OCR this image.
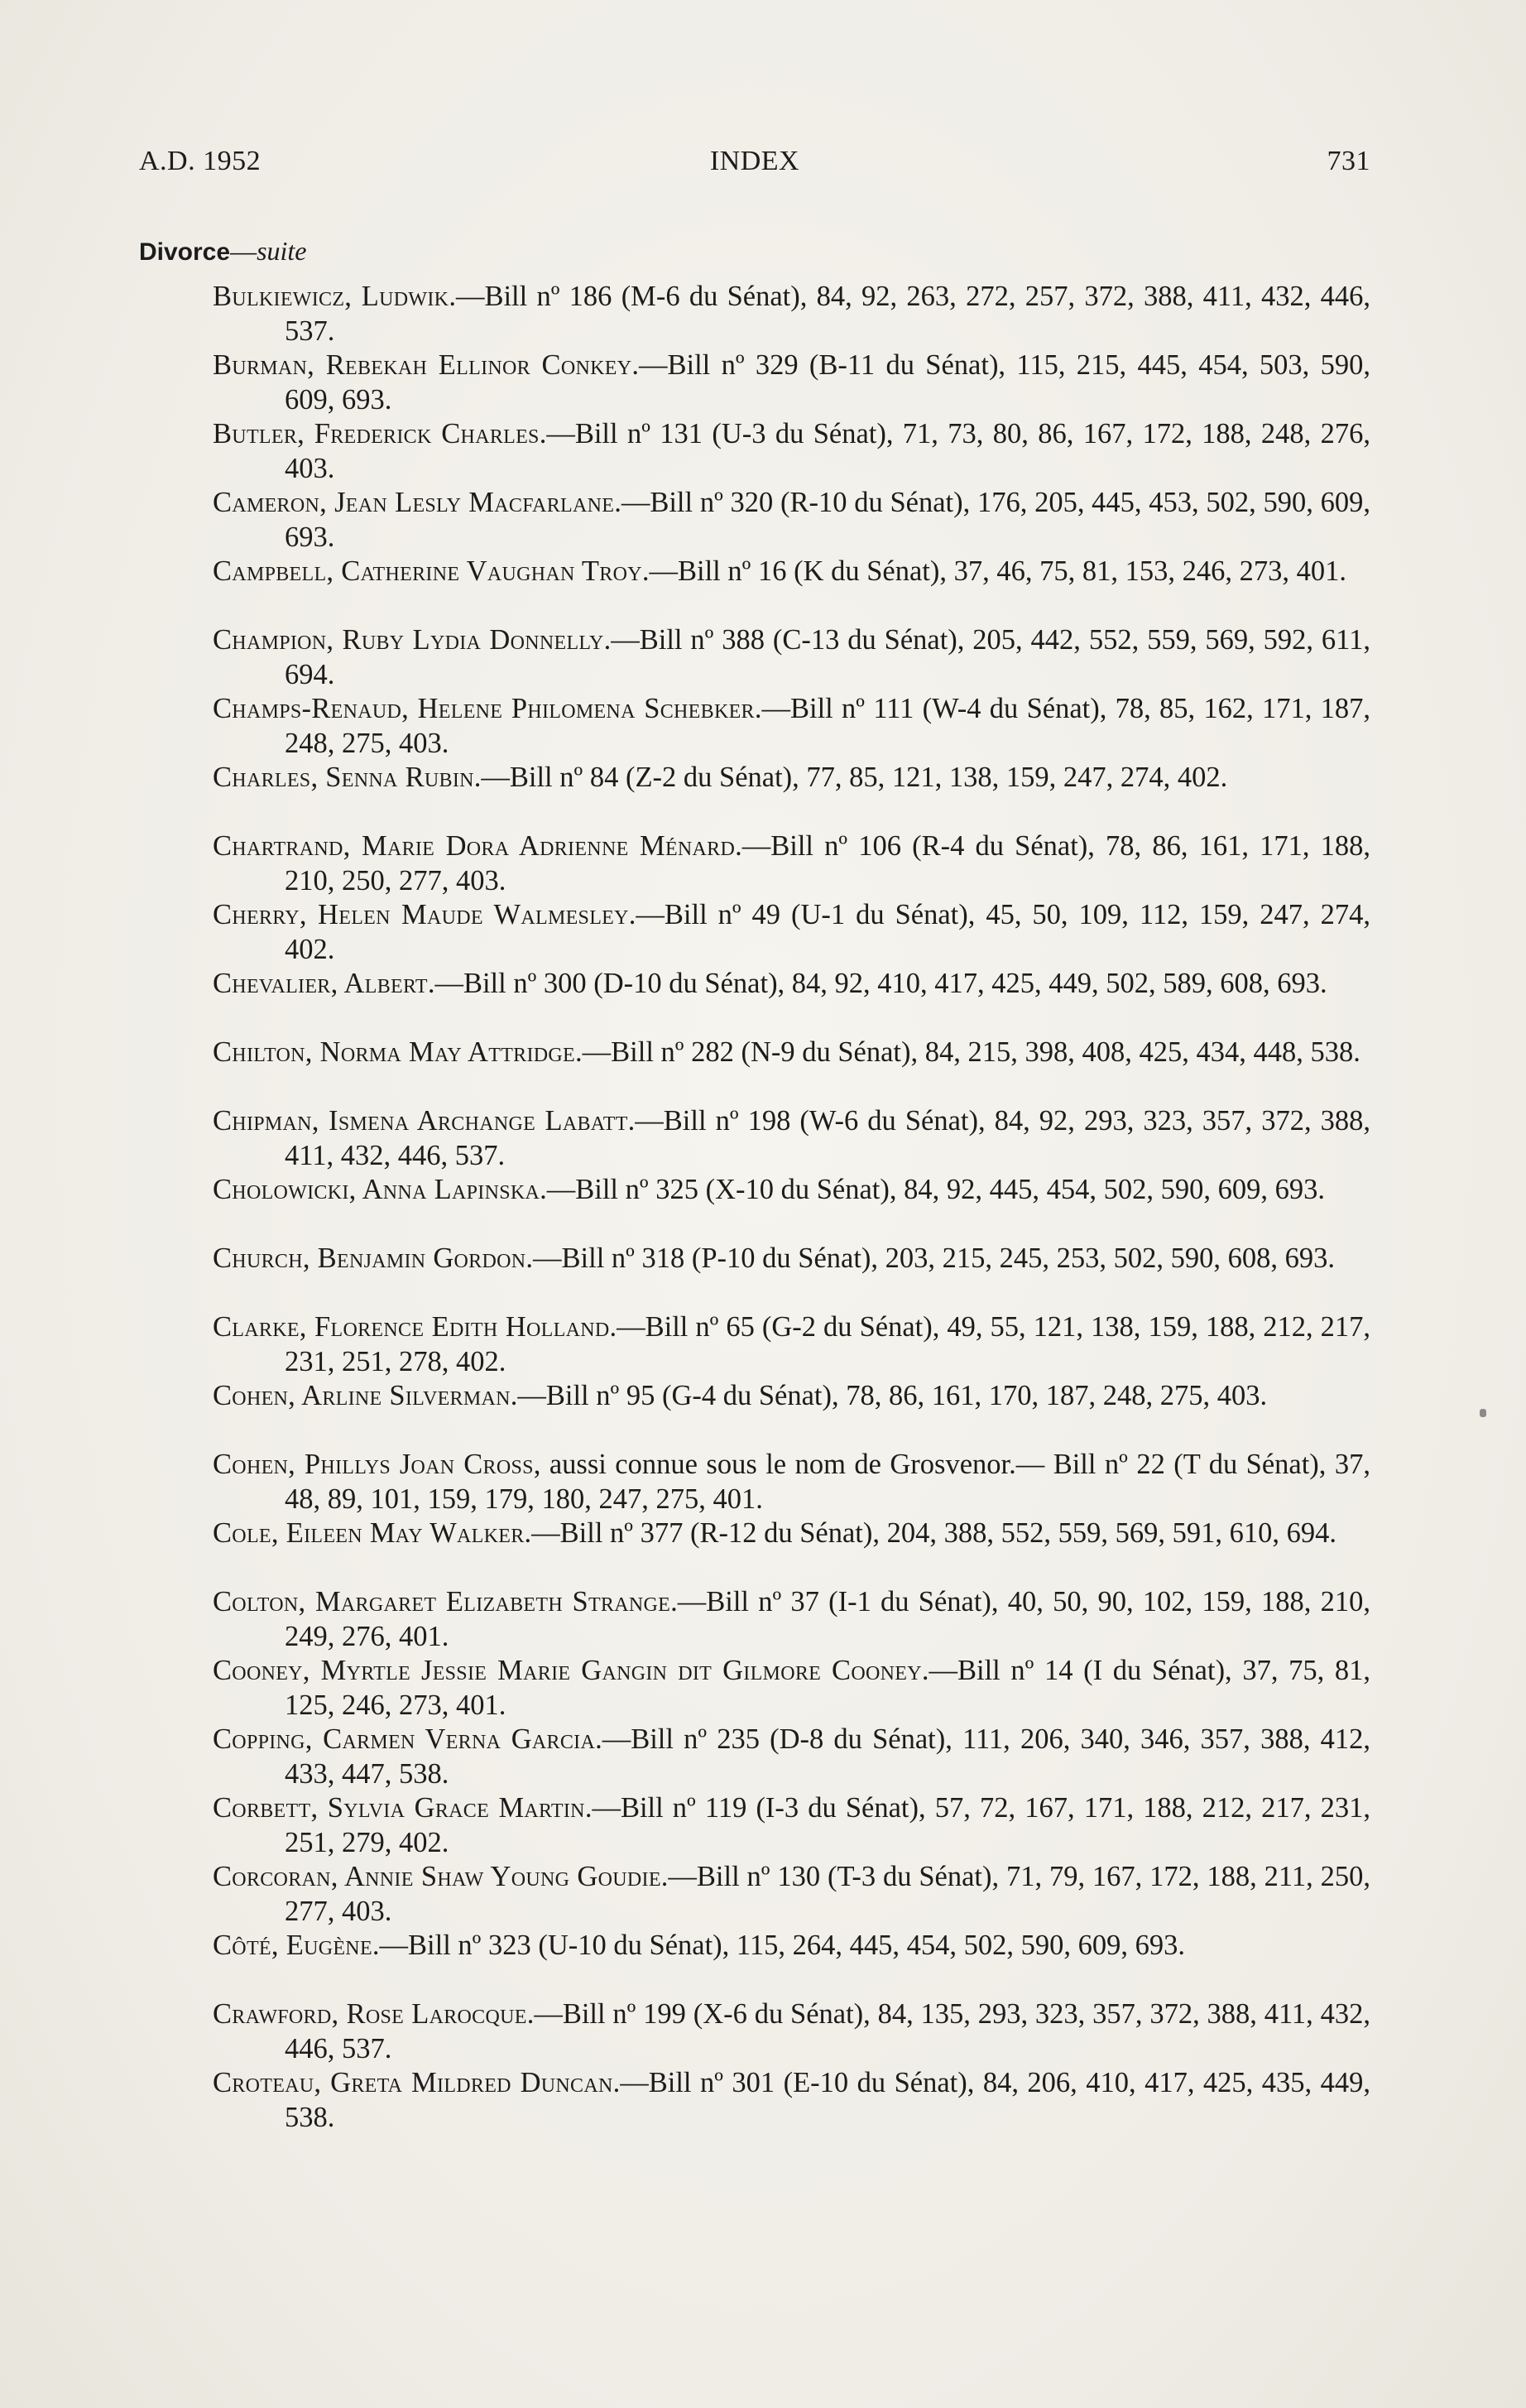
A.D. 1952	INDEX	731
Divorce—suite

Bulkiewicz, Ludwik.—Bill nº 186 (M-6 du Sénat), 84, 92, 263, 272, 257, 372, 388, 411, 432, 446, 537.

Burman, Rebekah Ellinor Conkey.—Bill nº 329 (B-11 du Sénat), 115, 215, 445, 454, 503, 590, 609, 693.

Butler, Frederick Charles.—Bill nº 131 (U-3 du Sénat), 71, 73, 80, 86, 167, 172, 188, 248, 276, 403.

Cameron, Jean Lesly Macfarlane.—Bill nº 320 (R-10 du Sénat), 176, 205, 445, 453, 502, 590, 609, 693.

Campbell, Catherine Vaughan Troy.—Bill nº 16 (K du Sénat), 37, 46, 75, 81, 153, 246, 273, 401.

Champion, Ruby Lydia Donnelly.—Bill nº 388 (C-13 du Sénat), 205, 442, 552, 559, 569, 592, 611, 694.

Champs-Renaud, Helene Philomena Schebker.—Bill nº 111 (W-4 du Sénat), 78, 85, 162, 171, 187, 248, 275, 403.

Charles, Senna Rubin.—Bill nº 84 (Z-2 du Sénat), 77, 85, 121, 138, 159, 247, 274, 402.

Chartrand, Marie Dora Adrienne Ménard.—Bill nº 106 (R-4 du Sénat), 78, 86, 161, 171, 188, 210, 250, 277, 403.

Cherry, Helen Maude Walmesley.—Bill nº 49 (U-1 du Sénat), 45, 50, 109, 112, 159, 247, 274, 402.

Chevalier, Albert.—Bill nº 300 (D-10 du Sénat), 84, 92, 410, 417, 425, 449, 502, 589, 608, 693.

Chilton, Norma May Attridge.—Bill nº 282 (N-9 du Sénat), 84, 215, 398, 408, 425, 434, 448, 538.

Chipman, Ismena Archange Labatt.—Bill nº 198 (W-6 du Sénat), 84, 92, 293, 323, 357, 372, 388, 411, 432, 446, 537.

Cholowicki, Anna Lapinska.—Bill nº 325 (X-10 du Sénat), 84, 92, 445, 454, 502, 590, 609, 693.

Church, Benjamin Gordon.—Bill nº 318 (P-10 du Sénat), 203, 215, 245, 253, 502, 590, 608, 693.

Clarke, Florence Edith Holland.—Bill nº 65 (G-2 du Sénat), 49, 55, 121, 138, 159, 188, 212, 217, 231, 251, 278, 402.

Cohen, Arline Silverman.—Bill nº 95 (G-4 du Sénat), 78, 86, 161, 170, 187, 248, 275, 403.

Cohen, Phillys Joan Cross, aussi connue sous le nom de Grosvenor.— Bill nº 22 (T du Sénat), 37, 48, 89, 101, 159, 179, 180, 247, 275, 401.

Cole, Eileen May Walker.—Bill nº 377 (R-12 du Sénat), 204, 388, 552, 559, 569, 591, 610, 694.

Colton, Margaret Elizabeth Strange.—Bill nº 37 (I-1 du Sénat), 40, 50, 90, 102, 159, 188, 210, 249, 276, 401.

Cooney, Myrtle Jessie Marie Gangin dit Gilmore Cooney.—Bill nº 14 (I du Sénat), 37, 75, 81, 125, 246, 273, 401.

Copping, Carmen Verna Garcia.—Bill nº 235 (D-8 du Sénat), 111, 206, 340, 346, 357, 388, 412, 433, 447, 538.

Corbett, Sylvia Grace Martin.—Bill nº 119 (I-3 du Sénat), 57, 72, 167, 171, 188, 212, 217, 231, 251, 279, 402.

Corcoran, Annie Shaw Young Goudie.—Bill nº 130 (T-3 du Sénat), 71, 79, 167, 172, 188, 211, 250, 277, 403.

Côté, Eugène.—Bill nº 323 (U-10 du Sénat), 115, 264, 445, 454, 502, 590, 609, 693.

Crawford, Rose Larocque.—Bill nº 199 (X-6 du Sénat), 84, 135, 293, 323, 357, 372, 388, 411, 432, 446, 537.

Croteau, Greta Mildred Duncan.—Bill nº 301 (E-10 du Sénat), 84, 206, 410, 417, 425, 435, 449, 538.
